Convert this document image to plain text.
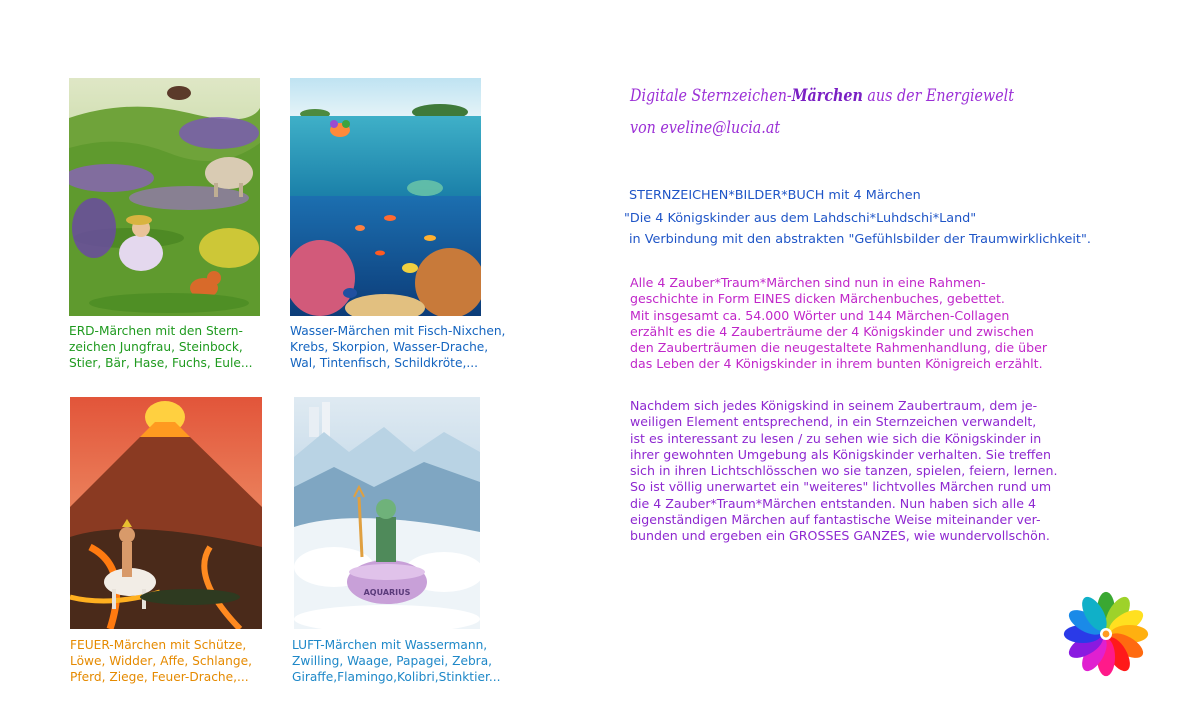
ERD-Märchen mit den Stern-
zeichen Jungfrau, Steinbock,
Stier, Bär, Hase, Fuchs, Eule...
Wasser-Märchen mit Fisch-Nixchen,
Krebs, Skorpion, Wasser-Drache,
Wal, Tintenfisch, Schildkröte,...
FEUER-Märchen mit Schütze,
Löwe, Widder, Affe, Schlange,
Pferd, Ziege, Feuer-Drache,...
AQUARIUS
LUFT-Märchen mit Wassermann,
Zwilling, Waage, Papagei, Zebra,
Giraffe,Flamingo,Kolibri,Stinktier...
Digitale Sternzeichen-Märchen aus der Energiewelt
von eveline@lucia.at
STERNZEICHEN*BILDER*BUCH mit 4 Märchen
"Die 4 Königskinder aus dem Lahdschi*Luhdschi*Land"
in Verbindung mit den abstrakten "Gefühlsbilder der Traumwirklichkeit".
Alle 4 Zauber*Traum*Märchen sind nun in eine Rahmen-
geschichte in Form EINES dicken Märchenbuches, gebettet.
Mit insgesamt ca. 54.000 Wörter und 144 Märchen-Collagen
erzählt es die 4 Zauberträume der 4 Königskinder und zwischen
den Zauberträumen die neugestaltete Rahmenhandlung, die über
das Leben der 4 Königskinder in ihrem bunten Königreich erzählt.
Nachdem sich jedes Königskind in seinem Zaubertraum, dem je-
weiligen Element entsprechend, in ein Sternzeichen verwandelt,
ist es interessant zu lesen / zu sehen wie sich die Königskinder in
ihrer gewohnten Umgebung als Königskinder verhalten. Sie treffen
sich in ihren Lichtschlösschen wo sie tanzen, spielen, feiern, lernen.
So ist völlig unerwartet ein "weiteres" lichtvolles Märchen rund um
die 4 Zauber*Traum*Märchen entstanden. Nun haben sich alle 4
eigenständigen Märchen auf fantastische Weise miteinander ver-
bunden und ergeben ein GROSSES GANZES, wie wundervollschön.
